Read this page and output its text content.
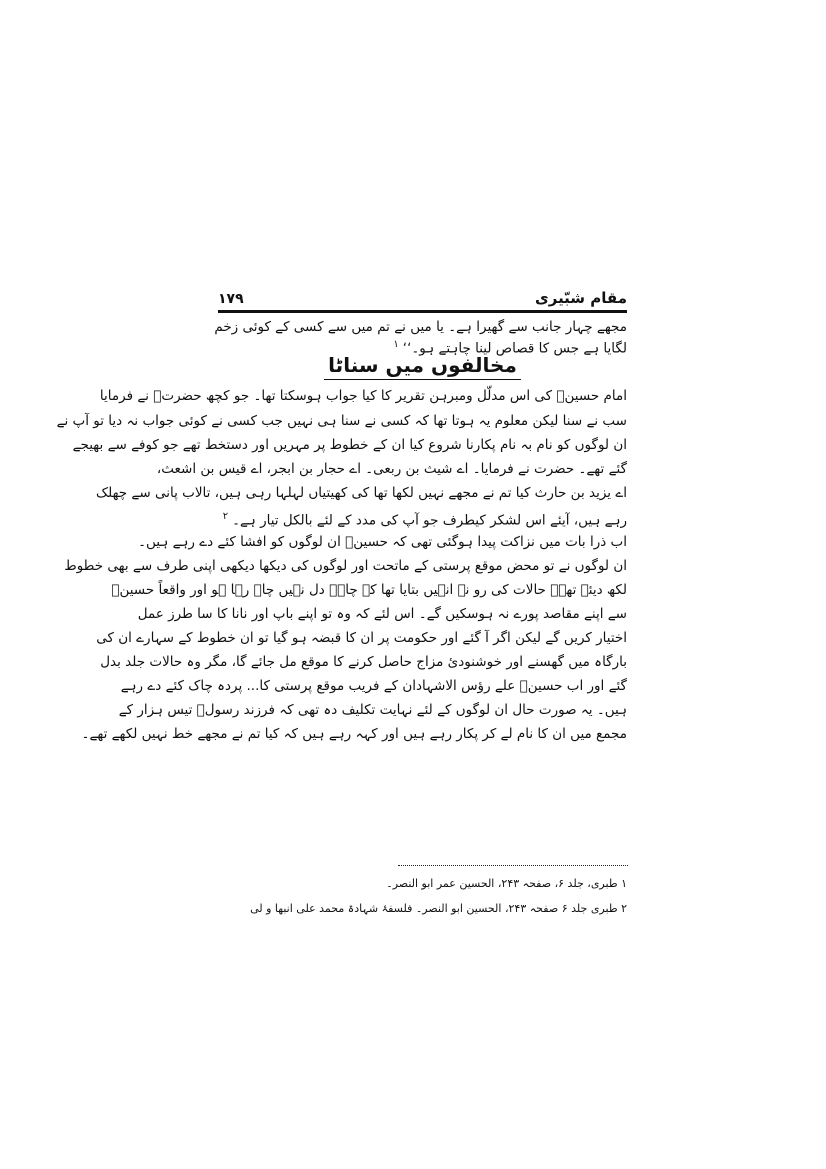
۱۷۹	مقام شبّیری
مجھے چہار جانب سے گھیرا ہے۔ یا میں نے تم میں سے کسی کے کوئی زخم
لگایا ہے جس کا قصاص لینا چاہتے ہو۔‘‘$^۱$
مخالفوں میں سناٹا
امام حسینؑ کی اس مدلّل ومبرہن تقریر کا کیا جواب ہوسکتا تھا۔ جو کچھ حضرتؑ نے فرمایا
سب نے سنا لیکن معلوم یہ ہوتا تھا کہ کسی نے سنا ہی نہیں جب کسی نے کوئی جواب نہ دیا تو آپ نے
ان لوگوں کو نام بہ نام پکارنا شروع کیا ان کے خطوط پر مہریں اور دستخط تھے جو کوفے سے بھیجے
گئے تھے۔ حضرت نے فرمایا۔ اے شیث بن ربعی۔ اے حجار بن ابجر، اے قیس بن اشعث،
اے یزید بن حارث کیا تم نے مجھے نہیں لکھا تھا کی کھیتیاں لہلہا رہی ہیں، تالاب پانی سے چھلک
رہے ہیں، آیئے اس لشکر کیطرف جو آپ کی مدد کے لئے بالکل تیار ہے۔$^۲$
اب ذرا بات میں نزاکت پیدا ہوگئی تھی کہ حسینؑ ان لوگوں کو افشا کئے دے رہے ہیں۔
ان لوگوں نے تو محض موقع پرستی کے ماتحت اور لوگوں کی دیکھا دیکھی اپنی طرف سے بھی خطوط
لکھ دیئے تھے۔ حالات کی رو نے انہیں بتایا تھا کہ چاہے دل نہیں چاہ رہا ہو اور واقعاً حسینؑ
سے اپنے مقاصد پورے نہ ہوسکیں گے۔ اس لئے کہ وہ تو اپنے باپ اور نانا کا سا طرز عمل
اختیار کریں گے لیکن اگر آ گئے اور حکومت پر ان کا قبضہ ہو گیا تو ان خطوط کے سہارے ان کی
بارگاہ میں گھسنے اور خوشنودیٔ مزاج حاصل کرنے کا موقع مل جائے گا، مگر وہ حالات جلد بدل
گئے اور اب حسینؑ علے رؤس الاشہادان کے فریب موقع پرستی کا... پردہ چاک کئے دے رہے
ہیں۔ یہ صورت حال ان لوگوں کے لئے نہایت تکلیف دہ تھی کہ فرزند رسولؐ تیس ہزار کے
مجمع میں ان کا نام لے کر پکار رہے ہیں اور کہہ رہے ہیں کہ کیا تم نے مجھے خط نہیں لکھے تھے۔
۱ طبری، جلد ۶، صفحہ ۲۴۳، الحسین عمر ابو النصر۔
۲ طبری جلد ۶ صفحہ ۲۴۳، الحسین ابو النصر۔ فلسفۂ شہادۃ محمد علی انبھا و لی
